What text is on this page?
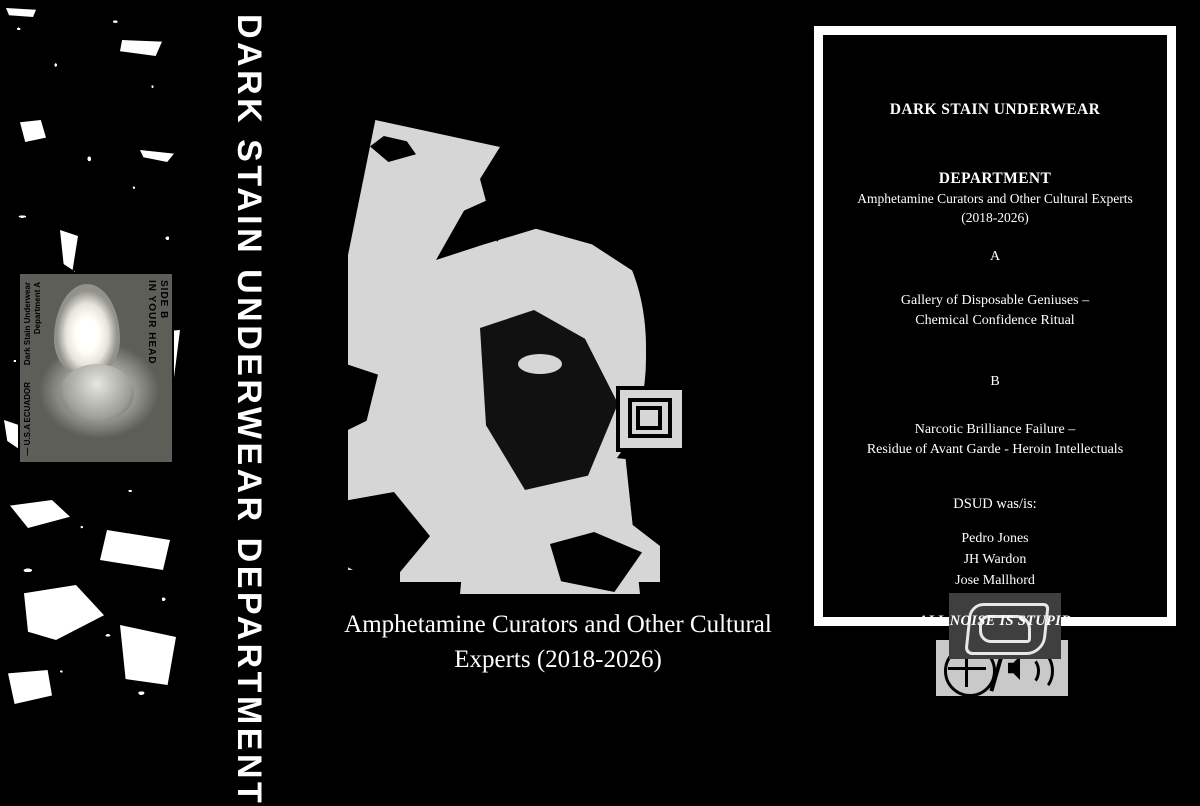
Dark Stain Underwear Department A
ECUADOR
— U.S.A
IN YOUR HEAD SIDE B	DARK STAIN UNDERWEAR DEPARTMENT	Amphetamine Curators and Other Cultural Experts (2018-2026)
DARK STAIN UNDERWEAR
DEPARTMENT
Amphetamine Curators and Other Cultural Experts
(2018-2026)
A
Gallery of Disposable Geniuses –
Chemical Confidence Ritual
B
Narcotic Brilliance Failure –
Residue of Avant Garde - Heroin Intellectuals
DSUD was/is:
Pedro Jones
JH Wardon
Jose Mallhord
ALL NOISE IS STUPID
